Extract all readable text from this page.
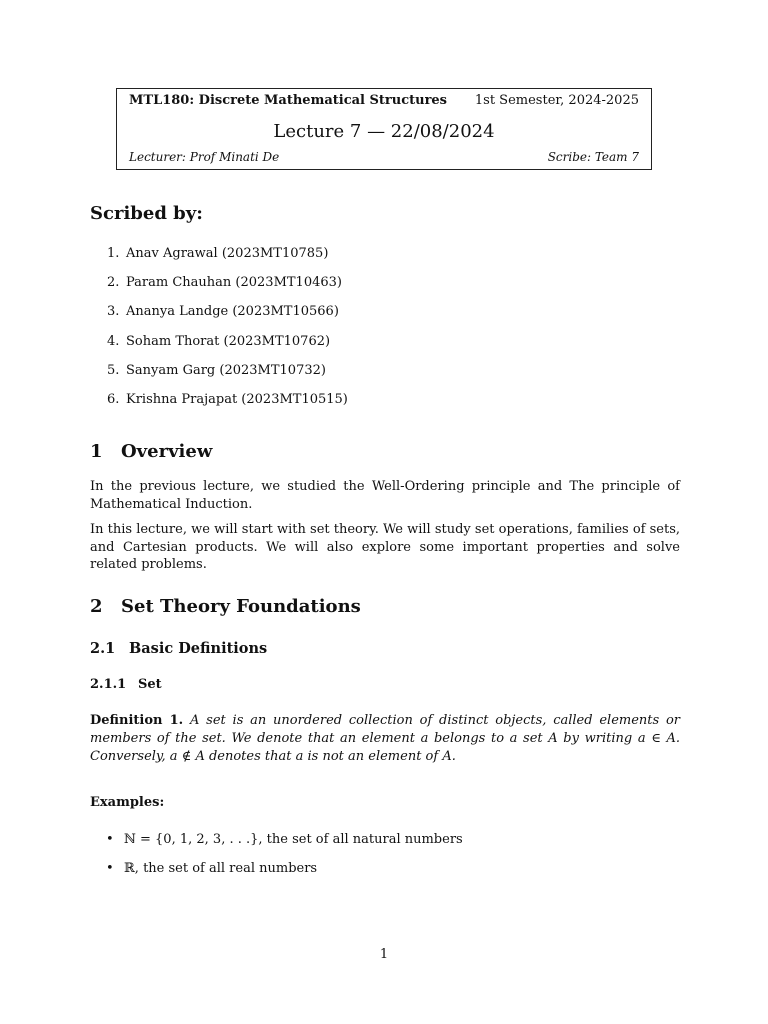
MTL180: Discrete Mathematical Structures 1st Semester, 2024-2025
Lecture 7 — 22/08/2024
Lecturer: Prof Minati De	Scribe: Team 7
Scribed by:
1. Anav Agrawal (2023MT10785)
2. Param Chauhan (2023MT10463)
3. Ananya Landge (2023MT10566)
4. Soham Thorat (2023MT10762)
5. Sanyam Garg (2023MT10732)
6. Krishna Prajapat (2023MT10515)
1 Overview

In the previous lecture, we studied the Well-Ordering principle and The principle of Mathematical Induction.

In this lecture, we will start with set theory. We will study set operations, families of sets, and Cartesian products. We will also explore some important properties and solve related problems.

2 Set Theory Foundations
2.1 Basic Definitions
2.1.1 Set

Definition 1. A set is an unordered collection of distinct objects, called elements or members of the set. We denote that an element a belongs to a set A by writing a ∈ A. Conversely, a ∉ A denotes that a is not an element of A.

Examples:
• ℕ = {0, 1, 2, 3, . . .}, the set of all natural numbers
• ℝ, the set of all real numbers
1
